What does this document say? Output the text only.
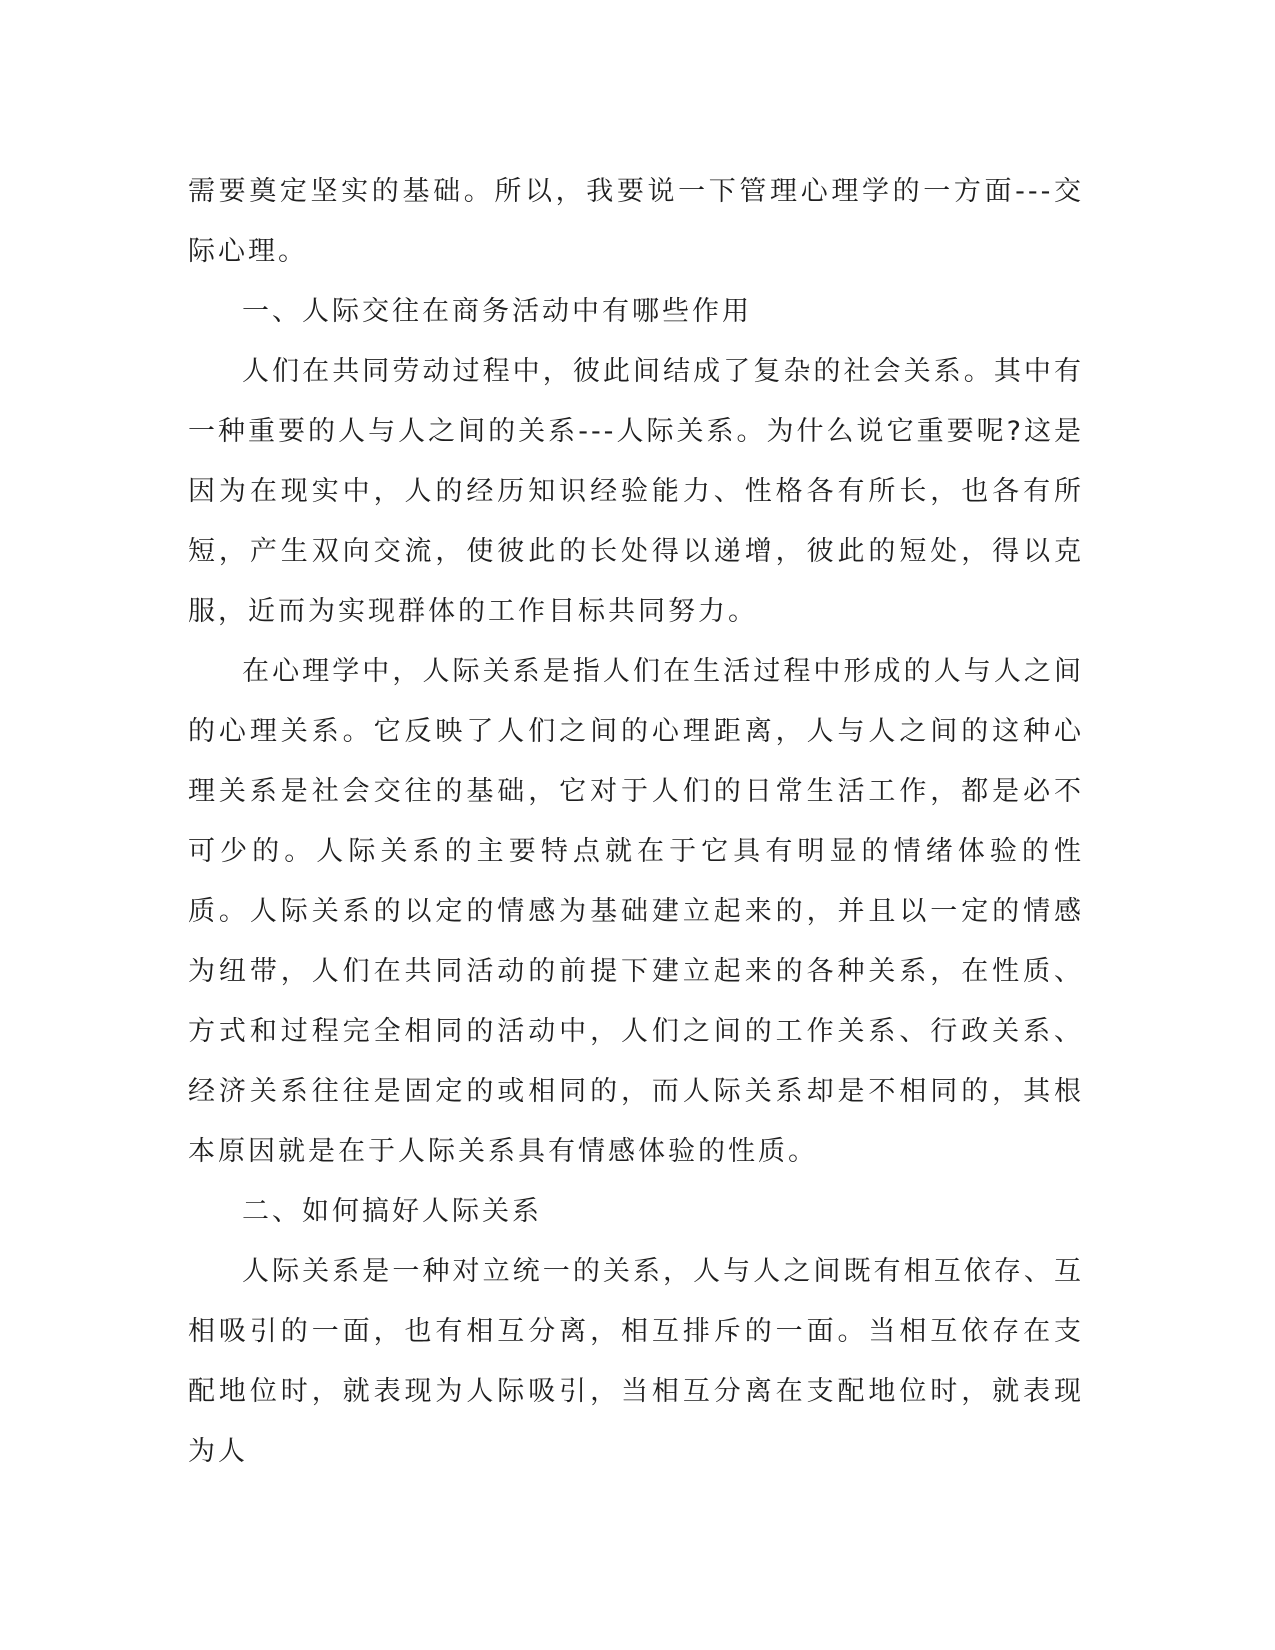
需要奠定坚实的基础。所以，我要说一下管理心理学的一方面---交际心理。

一、人际交往在商务活动中有哪些作用

人们在共同劳动过程中，彼此间结成了复杂的社会关系。其中有一种重要的人与人之间的关系---人际关系。为什么说它重要呢?这是因为在现实中，人的经历知识经验能力、性格各有所长，也各有所短，产生双向交流，使彼此的长处得以递增，彼此的短处，得以克服，近而为实现群体的工作目标共同努力。

在心理学中，人际关系是指人们在生活过程中形成的人与人之间的心理关系。它反映了人们之间的心理距离，人与人之间的这种心理关系是社会交往的基础，它对于人们的日常生活工作，都是必不可少的。人际关系的主要特点就在于它具有明显的情绪体验的性质。人际关系的以定的情感为基础建立起来的，并且以一定的情感为纽带，人们在共同活动的前提下建立起来的各种关系，在性质、方式和过程完全相同的活动中，人们之间的工作关系、行政关系、经济关系往往是固定的或相同的，而人际关系却是不相同的，其根本原因就是在于人际关系具有情感体验的性质。

二、如何搞好人际关系

人际关系是一种对立统一的关系，人与人之间既有相互依存、互相吸引的一面，也有相互分离，相互排斥的一面。当相互依存在支配地位时，就表现为人际吸引，当相互分离在支配地位时，就表现为人
